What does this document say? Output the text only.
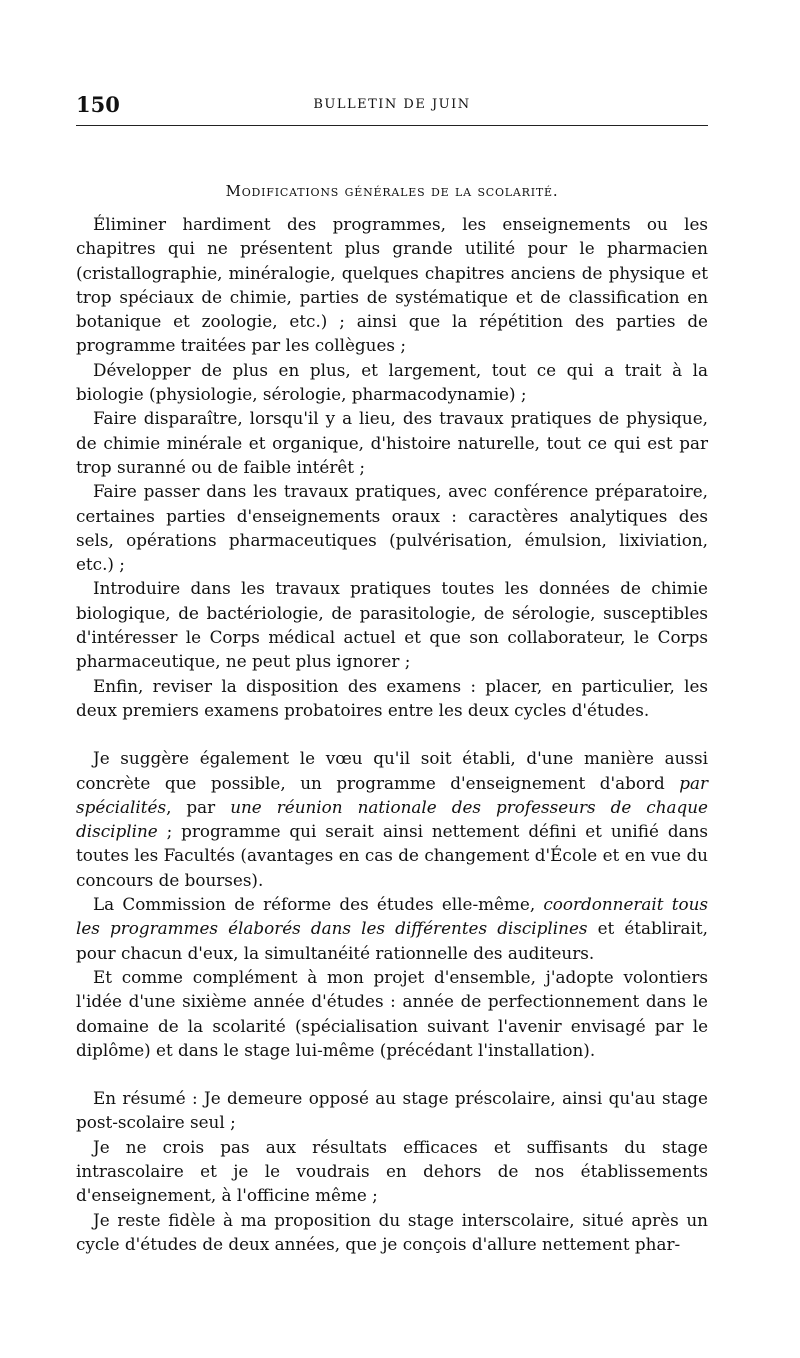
150	BULLETIN DE JUIN
Modifications générales de la scolarité.

Éliminer hardiment des programmes, les enseignements ou les chapitres qui ne présentent plus grande utilité pour le pharmacien (cristallographie, minéralogie, quelques chapitres anciens de physique et trop spéciaux de chimie, parties de systématique et de classification en botanique et zoologie, etc.) ; ainsi que la répétition des parties de programme traitées par les collègues ;

Développer de plus en plus, et largement, tout ce qui a trait à la biologie (physiologie, sérologie, pharmacodynamie) ;

Faire disparaître, lorsqu'il y a lieu, des travaux pratiques de physique, de chimie minérale et organique, d'histoire naturelle, tout ce qui est par trop suranné ou de faible intérêt ;

Faire passer dans les travaux pratiques, avec conférence préparatoire, certaines parties d'enseignements oraux : caractères analytiques des sels, opérations pharmaceutiques (pulvérisation, émulsion, lixiviation, etc.) ;

Introduire dans les travaux pratiques toutes les données de chimie biologique, de bactériologie, de parasitologie, de sérologie, susceptibles d'intéresser le Corps médical actuel et que son collaborateur, le Corps pharmaceutique, ne peut plus ignorer ;

Enfin, reviser la disposition des examens : placer, en particulier, les deux premiers examens probatoires entre les deux cycles d'études.

Je suggère également le vœu qu'il soit établi, d'une manière aussi concrète que possible, un programme d'enseignement d'abord par spécialités, par une réunion nationale des professeurs de chaque discipline ; programme qui serait ainsi nettement défini et unifié dans toutes les Facultés (avantages en cas de changement d'École et en vue du concours de bourses).

La Commission de réforme des études elle-même, coordonnerait tous les programmes élaborés dans les différentes disciplines et établirait, pour chacun d'eux, la simultanéité rationnelle des auditeurs.

Et comme complément à mon projet d'ensemble, j'adopte volontiers l'idée d'une sixième année d'études : année de perfectionnement dans le domaine de la scolarité (spécialisation suivant l'avenir envisagé par le diplôme) et dans le stage lui-même (précédant l'installation).

En résumé : Je demeure opposé au stage préscolaire, ainsi qu'au stage post-scolaire seul ;

Je ne crois pas aux résultats efficaces et suffisants du stage intrascolaire et je le voudrais en dehors de nos établissements d'enseignement, à l'officine même ;

Je reste fidèle à ma proposition du stage interscolaire, situé après un cycle d'études de deux années, que je conçois d'allure nettement phar-
